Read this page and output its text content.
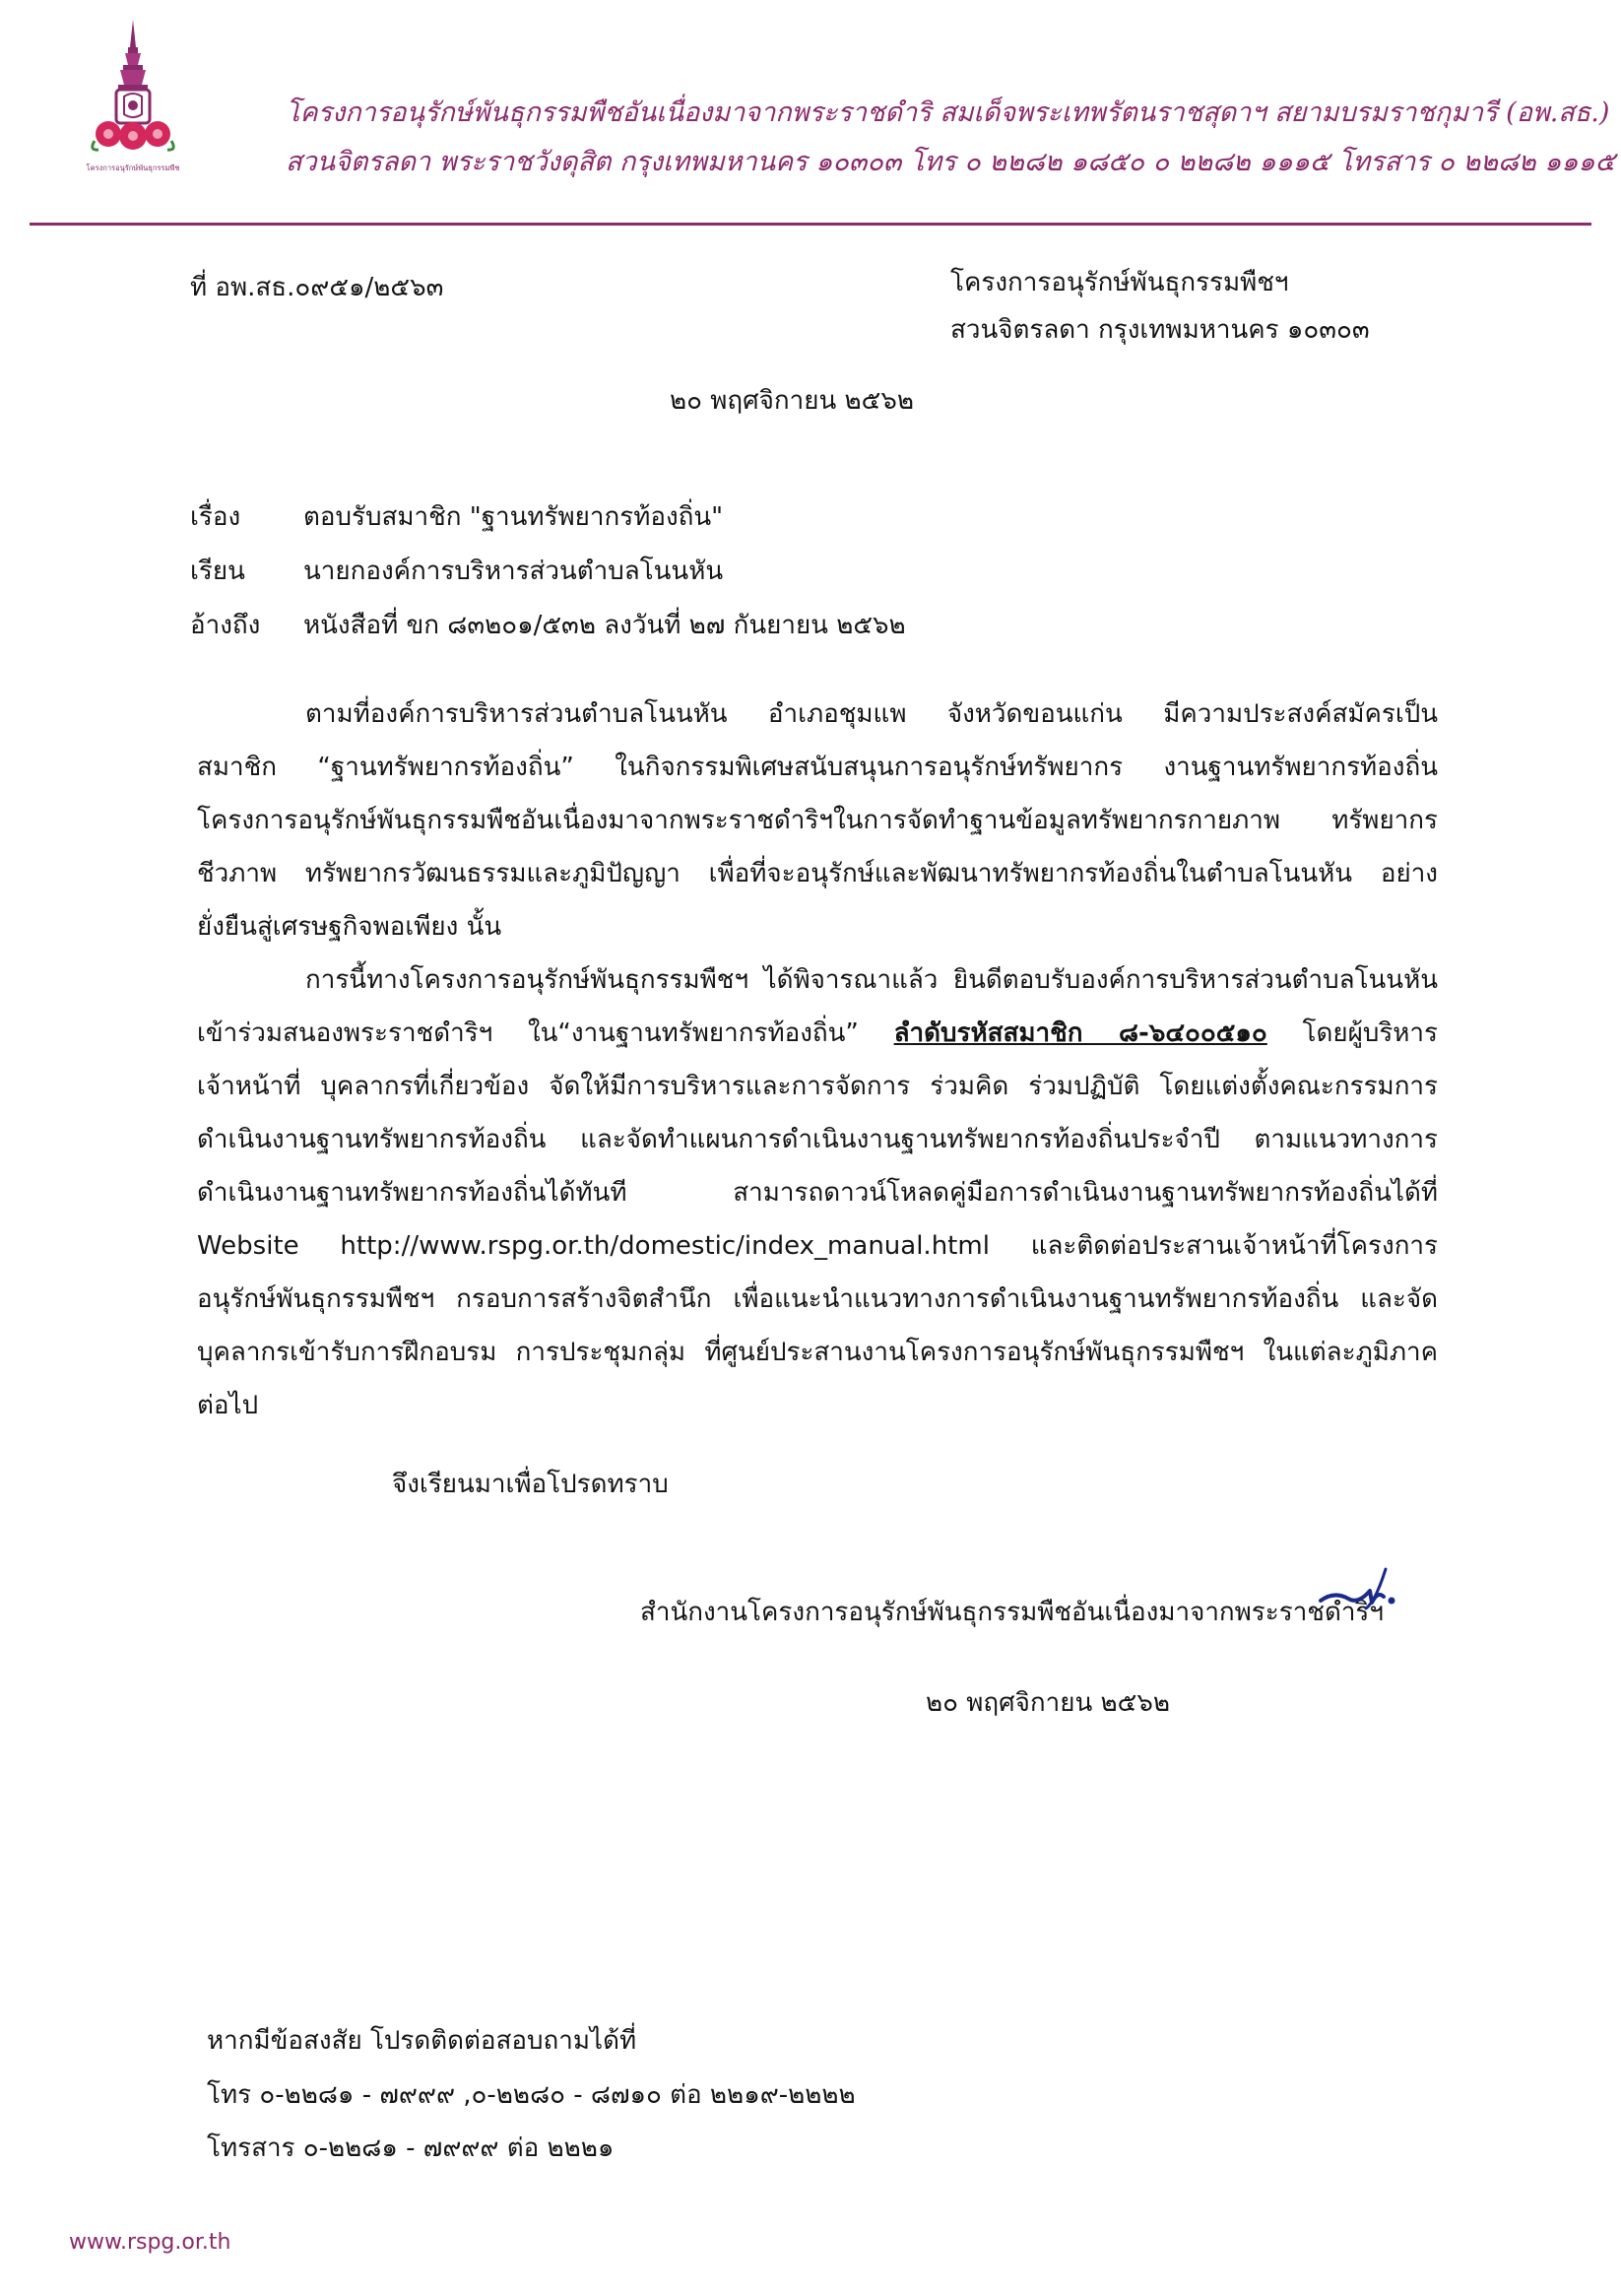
โครงการอนุรักษ์พันธุกรรมพืช
โครงการอนุรักษ์พันธุกรรมพืชอันเนื่องมาจากพระราชดำริ สมเด็จพระเทพรัตนราชสุดาฯ สยามบรมราชกุมารี (อพ.สธ.)
สวนจิตรลดา พระราชวังดุสิต กรุงเทพมหานคร ๑๐๓๐๓ โทร ๐ ๒๒๘๒ ๑๘๕๐ ๐ ๒๒๘๒ ๑๑๑๕ โทรสาร ๐ ๒๒๘๒ ๑๑๑๕
ที่ อพ.สธ.๐๙๕๑/๒๕๖๓	โครงการอนุรักษ์พันธุกรรมพืชฯ
สวนจิตรลดา กรุงเทพมหานคร ๑๐๓๐๓
๒๐ พฤศจิกายน ๒๕๖๒
เรื่อง ตอบรับสมาชิก "ฐานทรัพยากรท้องถิ่น"
เรียน นายกองค์การบริหารส่วนตำบลโนนหัน
อ้างถึง หนังสือที่ ขก ๘๓๒๐๑/๕๓๒ ลงวันที่ ๒๗ กันยายน ๒๕๖๒
ตามที่องค์การบริหารส่วนตำบลโนนหัน อำเภอชุมแพ จังหวัดขอนแก่น มีความประสงค์สมัครเป็น
สมาชิก “ฐานทรัพยากรท้องถิ่น” ในกิจกรรมพิเศษสนับสนุนการอนุรักษ์ทรัพยากร งานฐานทรัพยากรท้องถิ่น
โครงการอนุรักษ์พันธุกรรมพืชอันเนื่องมาจากพระราชดำริฯในการจัดทำฐานข้อมูลทรัพยากรกายภาพ ทรัพยากร
ชีวภาพ ทรัพยากรวัฒนธรรมและภูมิปัญญา เพื่อที่จะอนุรักษ์และพัฒนาทรัพยากรท้องถิ่นในตำบลโนนหัน อย่าง
ยั่งยืนสู่เศรษฐกิจพอเพียง นั้น
การนี้ทางโครงการอนุรักษ์พันธุกรรมพืชฯ ได้พิจารณาแล้ว ยินดีตอบรับองค์การบริหารส่วนตำบลโนนหัน
เข้าร่วมสนองพระราชดำริฯ ใน“งานฐานทรัพยากรท้องถิ่น” ลำดับรหัสสมาชิก ๘-๖๔๐๐๕๑๐ โดยผู้บริหาร
เจ้าหน้าที่ บุคลากรที่เกี่ยวข้อง จัดให้มีการบริหารและการจัดการ ร่วมคิด ร่วมปฏิบัติ โดยแต่งตั้งคณะกรรมการ
ดำเนินงานฐานทรัพยากรท้องถิ่น และจัดทำแผนการดำเนินงานฐานทรัพยากรท้องถิ่นประจำปี ตามแนวทางการ
ดำเนินงานฐานทรัพยากรท้องถิ่นได้ทันที สามารถดาวน์โหลดคู่มือการดำเนินงานฐานทรัพยากรท้องถิ่นได้ที่
Website http://www.rspg.or.th/domestic/index_manual.html และติดต่อประสานเจ้าหน้าที่โครงการ
อนุรักษ์พันธุกรรมพืชฯ กรอบการสร้างจิตสำนึก เพื่อแนะนำแนวทางการดำเนินงานฐานทรัพยากรท้องถิ่น และจัด
บุคลากรเข้ารับการฝึกอบรม การประชุมกลุ่ม ที่ศูนย์ประสานงานโครงการอนุรักษ์พันธุกรรมพืชฯ ในแต่ละภูมิภาค
ต่อไป
จึงเรียนมาเพื่อโปรดทราบ
สำนักงานโครงการอนุรักษ์พันธุกรรมพืชอันเนื่องมาจากพระราชดำริฯ
๒๐ พฤศจิกายน ๒๕๖๒
หากมีข้อสงสัย โปรดติดต่อสอบถามได้ที่
โทร ๐-๒๒๘๑ - ๗๙๙๙ ,๐-๒๒๘๐ - ๘๗๑๐ ต่อ ๒๒๑๙-๒๒๒๒
โทรสาร ๐-๒๒๘๑ - ๗๙๙๙ ต่อ ๒๒๒๑
www.rspg.or.th
